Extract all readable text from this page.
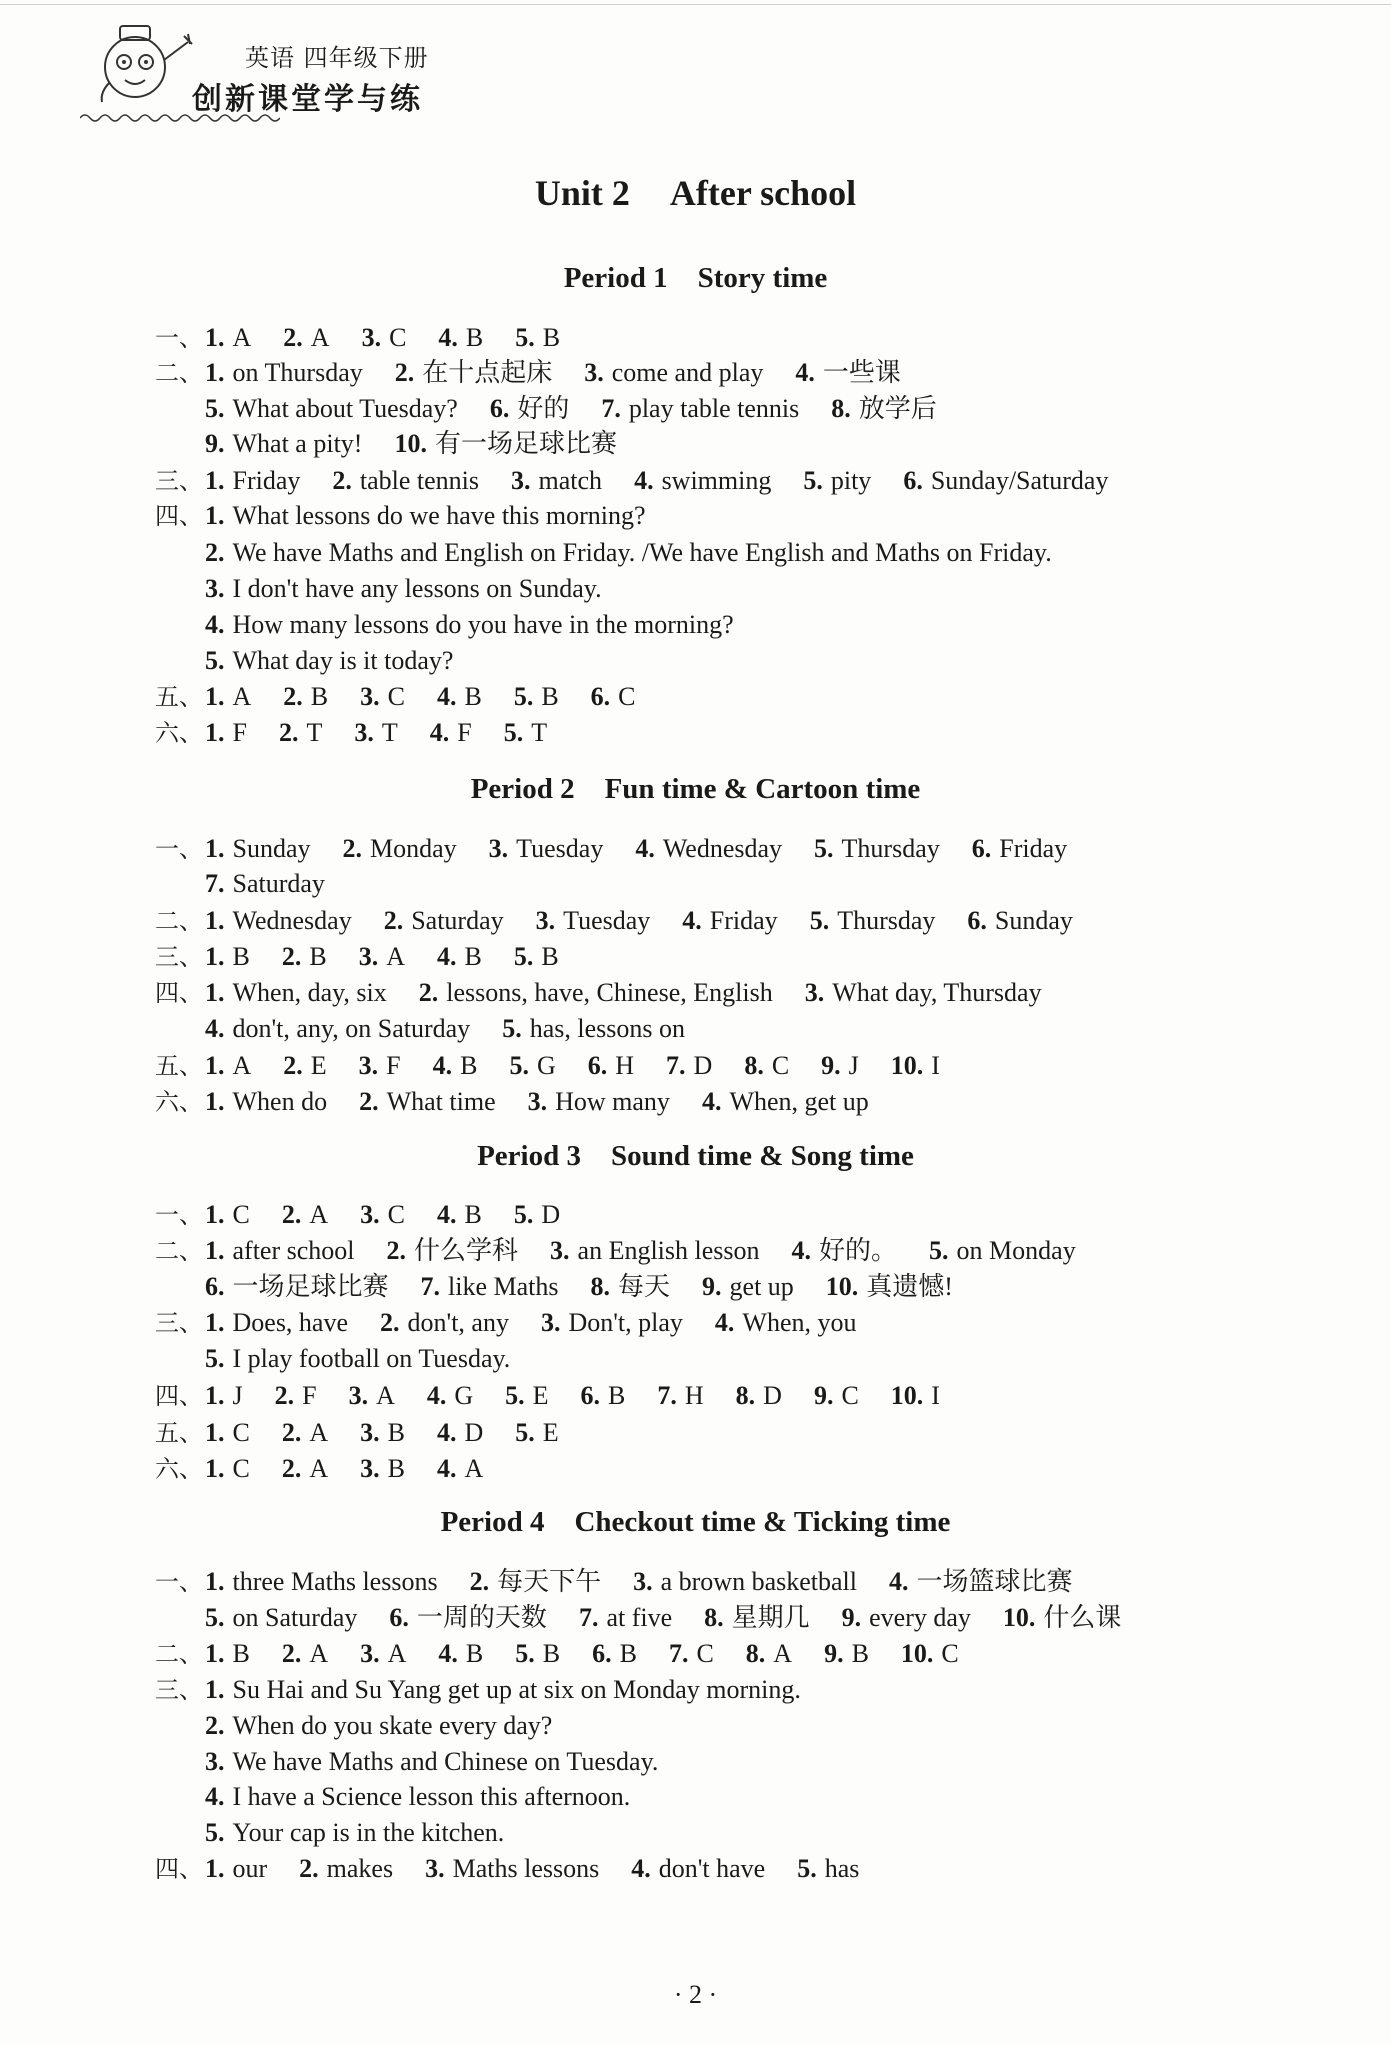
英语 四年级下册
创新课堂学与练
Unit 2 After school
Period 1 Story time
Period 2 Fun time & Cartoon time
Period 3 Sound time & Song time
Period 4 Checkout time & Ticking time
一、 1. A 2. A 3. C 4. B 5. B
二、 1. on Thursday 2. 在十点起床 3. come and play 4. 一些课
5. What about Tuesday? 6. 好的 7. play table tennis 8. 放学后
9. What a pity! 10. 有一场足球比赛
三、 1. Friday 2. table tennis 3. match 4. swimming 5. pity 6. Sunday/Saturday
四、 1. What lessons do we have this morning?
2. We have Maths and English on Friday. /We have English and Maths on Friday.
3. I don't have any lessons on Sunday.
4. How many lessons do you have in the morning?
5. What day is it today?
五、 1. A 2. B 3. C 4. B 5. B 6. C
六、 1. F 2. T 3. T 4. F 5. T
一、 1. Sunday 2. Monday 3. Tuesday 4. Wednesday 5. Thursday 6. Friday
7. Saturday
二、 1. Wednesday 2. Saturday 3. Tuesday 4. Friday 5. Thursday 6. Sunday
三、 1. B 2. B 3. A 4. B 5. B
四、 1. When, day, six 2. lessons, have, Chinese, English 3. What day, Thursday
4. don't, any, on Saturday 5. has, lessons on
五、 1. A 2. E 3. F 4. B 5. G 6. H 7. D 8. C 9. J 10. I
六、 1. When do 2. What time 3. How many 4. When, get up
一、 1. C 2. A 3. C 4. B 5. D
二、 1. after school 2. 什么学科 3. an English lesson 4. 好的。 5. on Monday
6. 一场足球比赛 7. like Maths 8. 每天 9. get up 10. 真遗憾!
三、 1. Does, have 2. don't, any 3. Don't, play 4. When, you
5. I play football on Tuesday.
四、 1. J 2. F 3. A 4. G 5. E 6. B 7. H 8. D 9. C 10. I
五、 1. C 2. A 3. B 4. D 5. E
六、 1. C 2. A 3. B 4. A
一、 1. three Maths lessons 2. 每天下午 3. a brown basketball 4. 一场篮球比赛
5. on Saturday 6. 一周的天数 7. at five 8. 星期几 9. every day 10. 什么课
二、 1. B 2. A 3. A 4. B 5. B 6. B 7. C 8. A 9. B 10. C
三、 1. Su Hai and Su Yang get up at six on Monday morning.
2. When do you skate every day?
3. We have Maths and Chinese on Tuesday.
4. I have a Science lesson this afternoon.
5. Your cap is in the kitchen.
四、 1. our 2. makes 3. Maths lessons 4. don't have 5. has
· 2 ·
